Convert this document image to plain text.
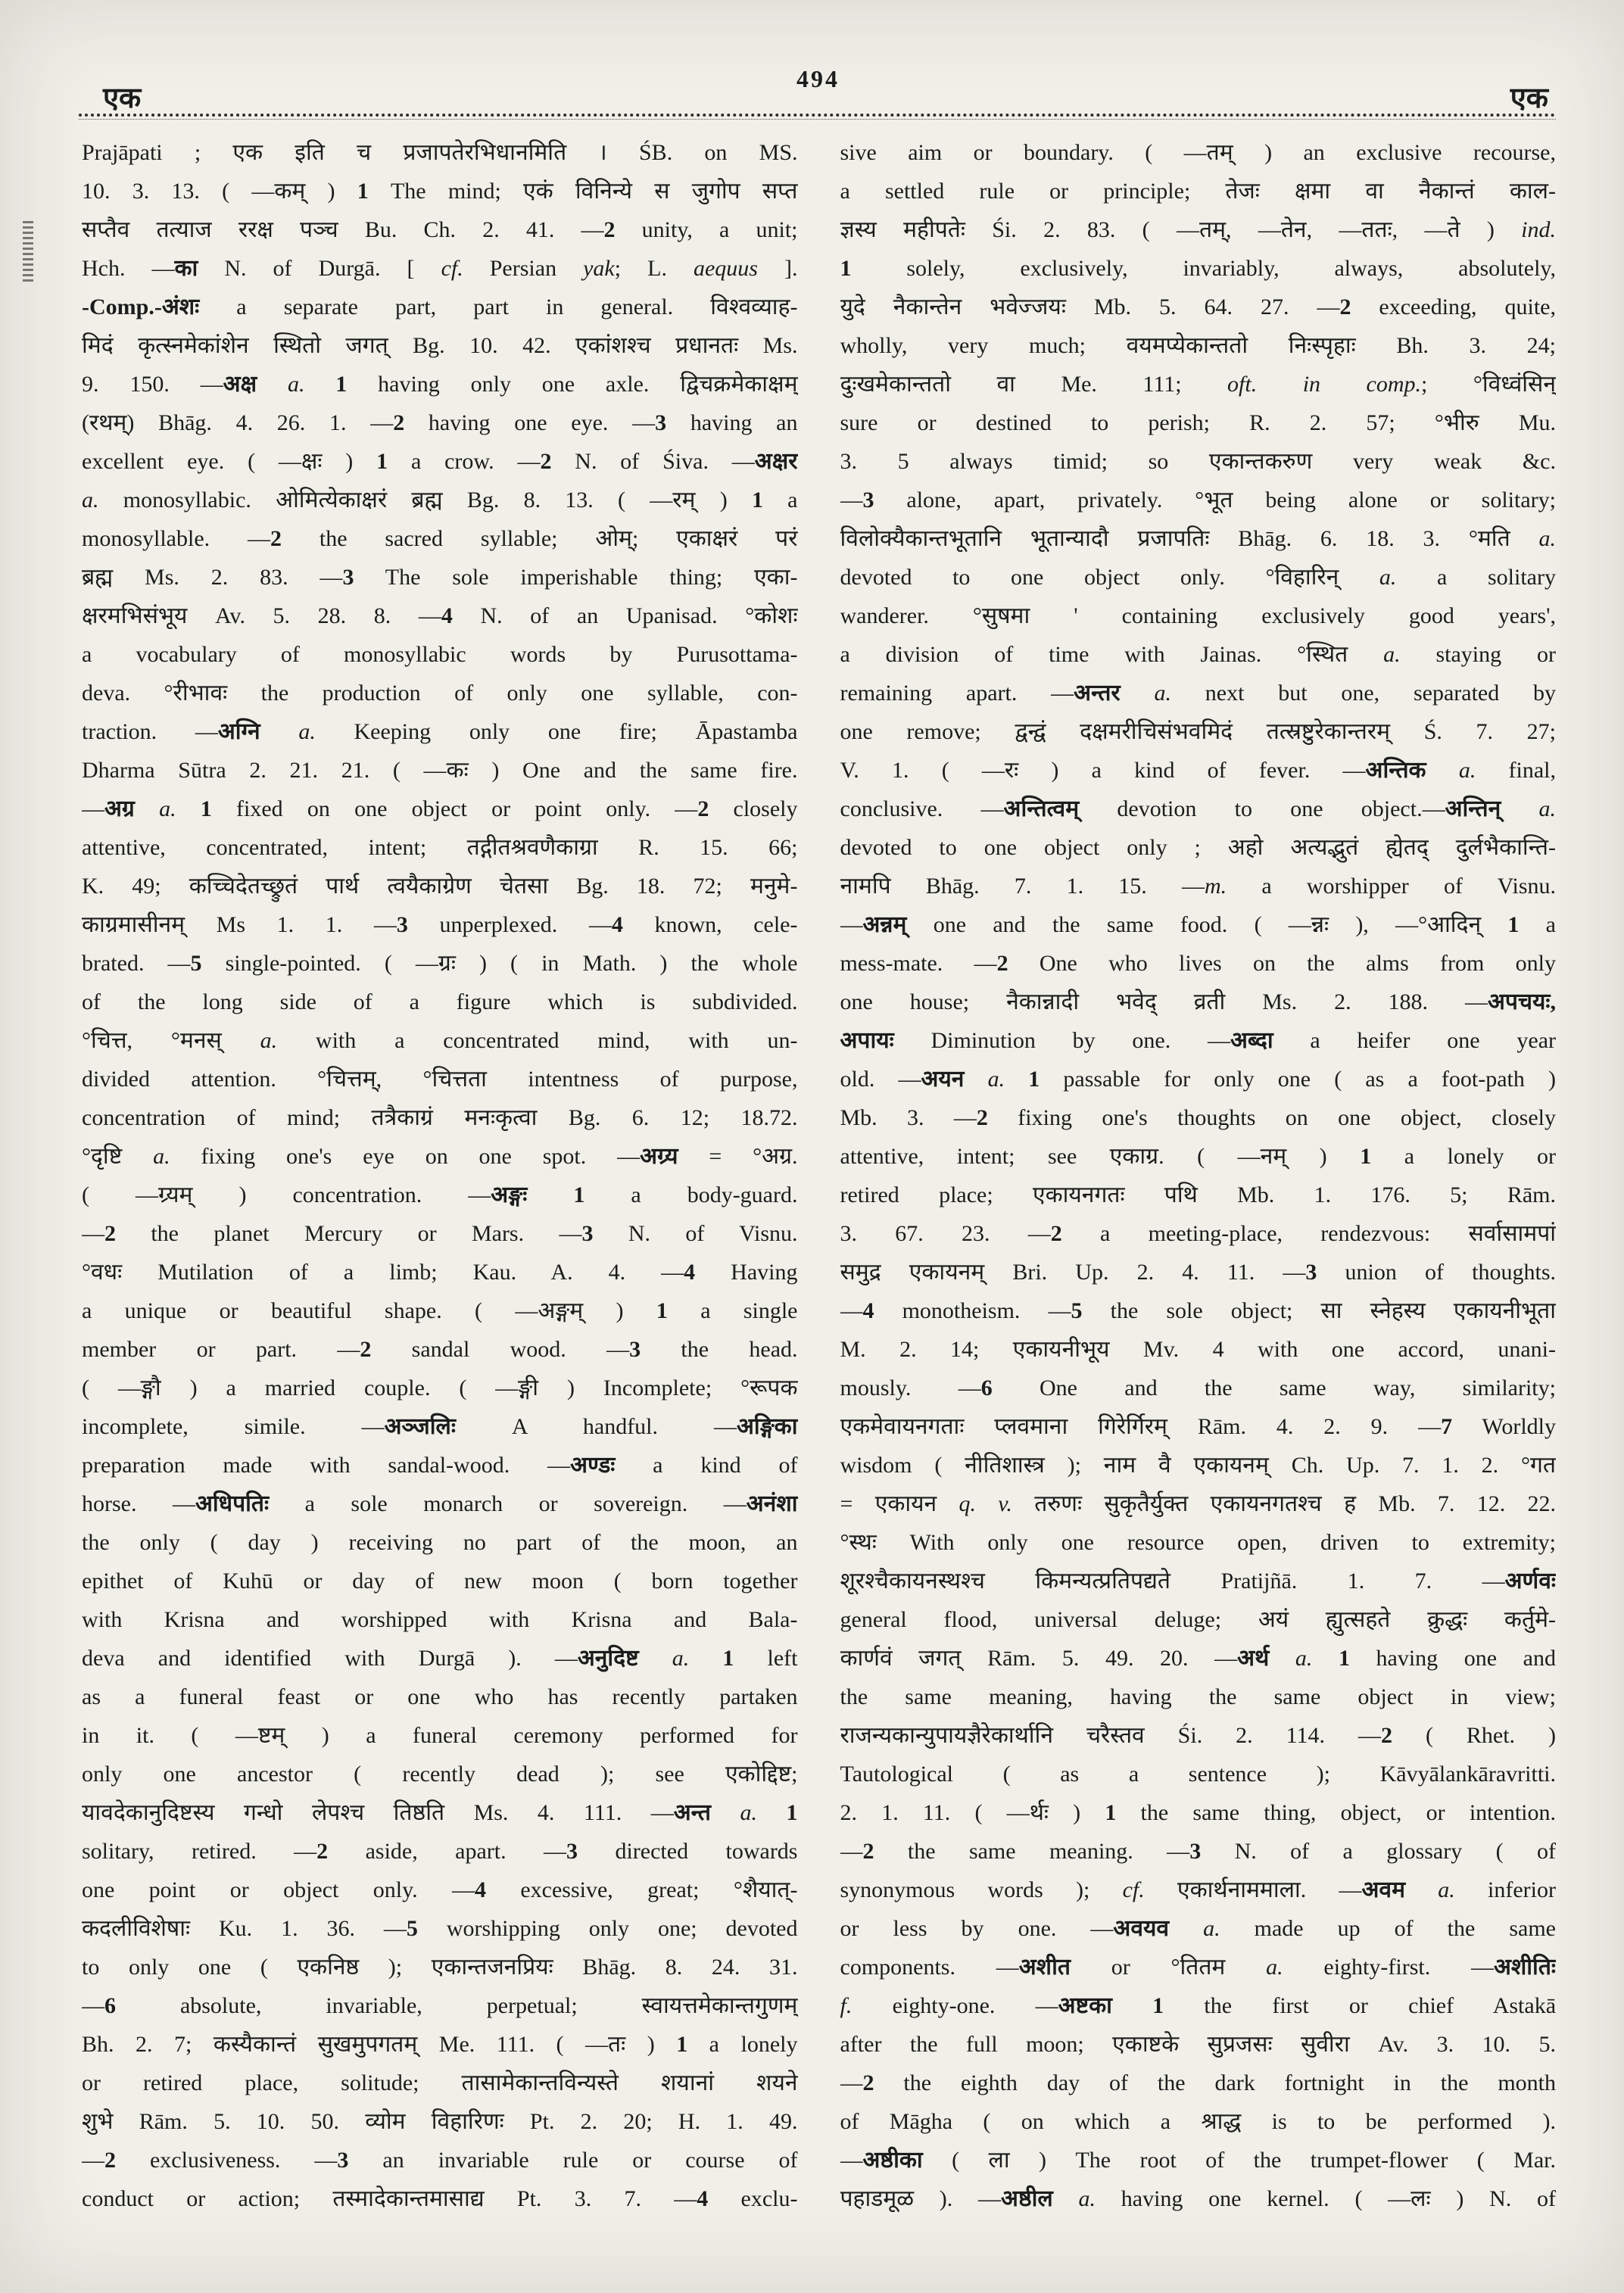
एक
494
एक
Prajāpati ; एक इति च प्रजापतेरभिधानमिति । ŚB. on MS.
10. 3. 13. ( —कम् ) 1 The mind; एकं विनिन्ये स जुगोप सप्त
सप्तैव तत्याज ररक्ष पञ्च Bu. Ch. 2. 41. —2 unity, a unit;
Hch. —का N. of Durgā. [ cf. Persian yak; L. aequus ].
-Comp.-अंशः a separate part, part in general. विश्वव्याह-
मिदं कृत्स्नमेकांशेन स्थितो जगत् Bg. 10. 42. एकांशश्च प्रधानतः Ms.
9. 150. —अक्ष a. 1 having only one axle. द्विचक्रमेकाक्षम्
(रथम्) Bhāg. 4. 26. 1. —2 having one eye. —3 having an
excellent eye. ( —क्षः ) 1 a crow. —2 N. of Śiva. —अक्षर
a. monosyllabic. ओमित्येकाक्षरं ब्रह्म Bg. 8. 13. ( —रम् ) 1 a
monosyllable. —2 the sacred syllable; ओम्; एकाक्षरं परं
ब्रह्म Ms. 2. 83. —3 The sole imperishable thing; एका-
क्षरमभिसंभूय Av. 5. 28. 8. —4 N. of an Upanisad. °कोशः
a vocabulary of monosyllabic words by Purusottama-
deva. °रीभावः the production of only one syllable, con-
traction. —अग्नि a. Keeping only one fire; Āpastamba
Dharma Sūtra 2. 21. 21. ( —कः ) One and the same fire.
—अग्र a. 1 fixed on one object or point only. —2 closely
attentive, concentrated, intent; तद्गीतश्रवणैकाग्रा R. 15. 66;
K. 49; कच्चिदेतच्छ्रुतं पार्थ त्वयैकाग्रेण चेतसा Bg. 18. 72; मनुमे-
काग्रमासीनम् Ms 1. 1. —3 unperplexed. —4 known, cele-
brated. —5 single-pointed. ( —ग्रः ) ( in Math. ) the whole
of the long side of a figure which is subdivided.
°चित्त, °मनस् a. with a concentrated mind, with un-
divided attention. °चित्तम्, °चित्तता intentness of purpose,
concentration of mind; तत्रैकाग्रं मनःकृत्वा Bg. 6. 12; 18.72.
°दृष्टि a. fixing one's eye on one spot. —अग्र्य = °अग्र.
( —ग्र्यम् ) concentration. —अङ्गः 1 a body-guard.
—2 the planet Mercury or Mars. —3 N. of Visnu.
°वधः Mutilation of a limb; Kau. A. 4. —4 Having
a unique or beautiful shape. ( —अङ्गम् ) 1 a single
member or part. —2 sandal wood. —3 the head.
( —ङ्गौ ) a married couple. ( —ङ्गी ) Incomplete; °रूपक
incomplete, simile. —अञ्जलिः A handful. —अङ्गिका
preparation made with sandal-wood. —अण्डः a kind of
horse. —अधिपतिः a sole monarch or sovereign. —अनंशा
the only ( day ) receiving no part of the moon, an
epithet of Kuhū or day of new moon ( born together
with Krisna and worshipped with Krisna and Bala-
deva and identified with Durgā ). —अनुदिष्ट a. 1 left
as a funeral feast or one who has recently partaken
in it. ( —ष्टम् ) a funeral ceremony performed for
only one ancestor ( recently dead ); see एकोद्दिष्ट;
यावदेकानुदिष्टस्य गन्धो लेपश्च तिष्ठति Ms. 4. 111. —अन्त a. 1
solitary, retired. —2 aside, apart. —3 directed towards
one point or object only. —4 excessive, great; °शैयात्-
कदलीविशेषाः Ku. 1. 36. —5 worshipping only one; devoted
to only one ( एकनिष्ठ ); एकान्तजनप्रियः Bhāg. 8. 24. 31.
—6 absolute, invariable, perpetual; स्वायत्तमेकान्तगुणम्
Bh. 2. 7; कस्यैकान्तं सुखमुपगतम् Me. 111. ( —तः ) 1 a lonely
or retired place, solitude; तासामेकान्तविन्यस्ते शयानां शयने
शुभे Rām. 5. 10. 50. व्योम विहारिणः Pt. 2. 20; H. 1. 49.
—2 exclusiveness. —3 an invariable rule or course of
conduct or action; तस्मादेकान्तमासाद्य Pt. 3. 7. —4 exclu-
sive aim or boundary. ( —तम् ) an exclusive recourse,
a settled rule or principle; तेजः क्षमा वा नैकान्तं काल-
ज्ञस्य महीपतेः Śi. 2. 83. ( —तम्, —तेन, —ततः, —ते ) ind.
1 solely, exclusively, invariably, always, absolutely,
युदे नैकान्तेन भवेज्जयः Mb. 5. 64. 27. —2 exceeding, quite,
wholly, very much; वयमप्येकान्ततो निःस्पृहाः Bh. 3. 24;
दुःखमेकान्ततो वा Me. 111; oft. in comp.; °विध्वंसिन्
sure or destined to perish; R. 2. 57; °भीरु Mu.
3. 5 always timid; so एकान्तकरुण very weak &c.
—3 alone, apart, privately. °भूत being alone or solitary;
विलोक्यैकान्तभूतानि भूतान्यादौ प्रजापतिः Bhāg. 6. 18. 3. °मति a.
devoted to one object only. °विहारिन् a. a solitary
wanderer. °सुषमा ' containing exclusively good years',
a division of time with Jainas. °स्थित a. staying or
remaining apart. —अन्तर a. next but one, separated by
one remove; द्वन्द्वं दक्षमरीचिसंभवमिदं तत्स्रष्टुरेकान्तरम् Ś. 7. 27;
V. 1. ( —रः ) a kind of fever. —अन्तिक a. final,
conclusive. —अन्तित्वम् devotion to one object.—अन्तिन् a.
devoted to one object only ; अहो अत्यद्भुतं ह्येतद् दुर्लभैकान्ति-
नामपि Bhāg. 7. 1. 15. —m. a worshipper of Visnu.
—अन्नम् one and the same food. ( —न्नः ), —°आदिन् 1 a
mess-mate. —2 One who lives on the alms from only
one house; नैकान्नादी भवेद् व्रती Ms. 2. 188. —अपचयः,
अपायः Diminution by one. —अब्दा a heifer one year
old. —अयन a. 1 passable for only one ( as a foot-path )
Mb. 3. —2 fixing one's thoughts on one object, closely
attentive, intent; see एकाग्र. ( —नम् ) 1 a lonely or
retired place; एकायनगतः पथि Mb. 1. 176. 5; Rām.
3. 67. 23. —2 a meeting-place, rendezvous: सर्वासामपां
समुद्र एकायनम् Bri. Up. 2. 4. 11. —3 union of thoughts.
—4 monotheism. —5 the sole object; सा स्नेहस्य एकायनीभूता
M. 2. 14; एकायनीभूय Mv. 4 with one accord, unani-
mously. —6 One and the same way, similarity;
एकमेवायनगताः प्लवमाना गिरेर्गिरम् Rām. 4. 2. 9. —7 Worldly
wisdom ( नीतिशास्त्र ); नाम वै एकायनम् Ch. Up. 7. 1. 2. °गत
= एकायन q. v. तरुणः सुकृतैर्युक्त एकायनगतश्च ह Mb. 7. 12. 22.
°स्थः With only one resource open, driven to extremity;
शूरश्चैकायनस्थश्च किमन्यत्प्रतिपद्यते Pratijñā. 1. 7. —अर्णवः
general flood, universal deluge; अयं ह्युत्सहते क्रुद्धः कर्तुमे-
कार्णवं जगत् Rām. 5. 49. 20. —अर्थ a. 1 having one and
the same meaning, having the same object in view;
राजन्यकान्युपायज्ञैरेकार्थानि चरैस्तव Śi. 2. 114. —2 ( Rhet. )
Tautological ( as a sentence ); Kāvyālankāravritti.
2. 1. 11. ( —र्थः ) 1 the same thing, object, or intention.
—2 the same meaning. —3 N. of a glossary ( of
synonymous words ); cf. एकार्थनाममाला. —अवम a. inferior
or less by one. —अवयव a. made up of the same
components. —अशीत or °तितम a. eighty-first. —अशीतिः
f. eighty-one. —अष्टका 1 the first or chief Astakā
after the full moon; एकाष्टके सुप्रजसः सुवीरा Av. 3. 10. 5.
—2 the eighth day of the dark fortnight in the month
of Māgha ( on which a श्राद्ध is to be performed ).
—अष्ठीका ( ला ) The root of the trumpet-flower ( Mar.
पहाडमूळ ). —अष्ठील a. having one kernel. ( —लः ) N. of
